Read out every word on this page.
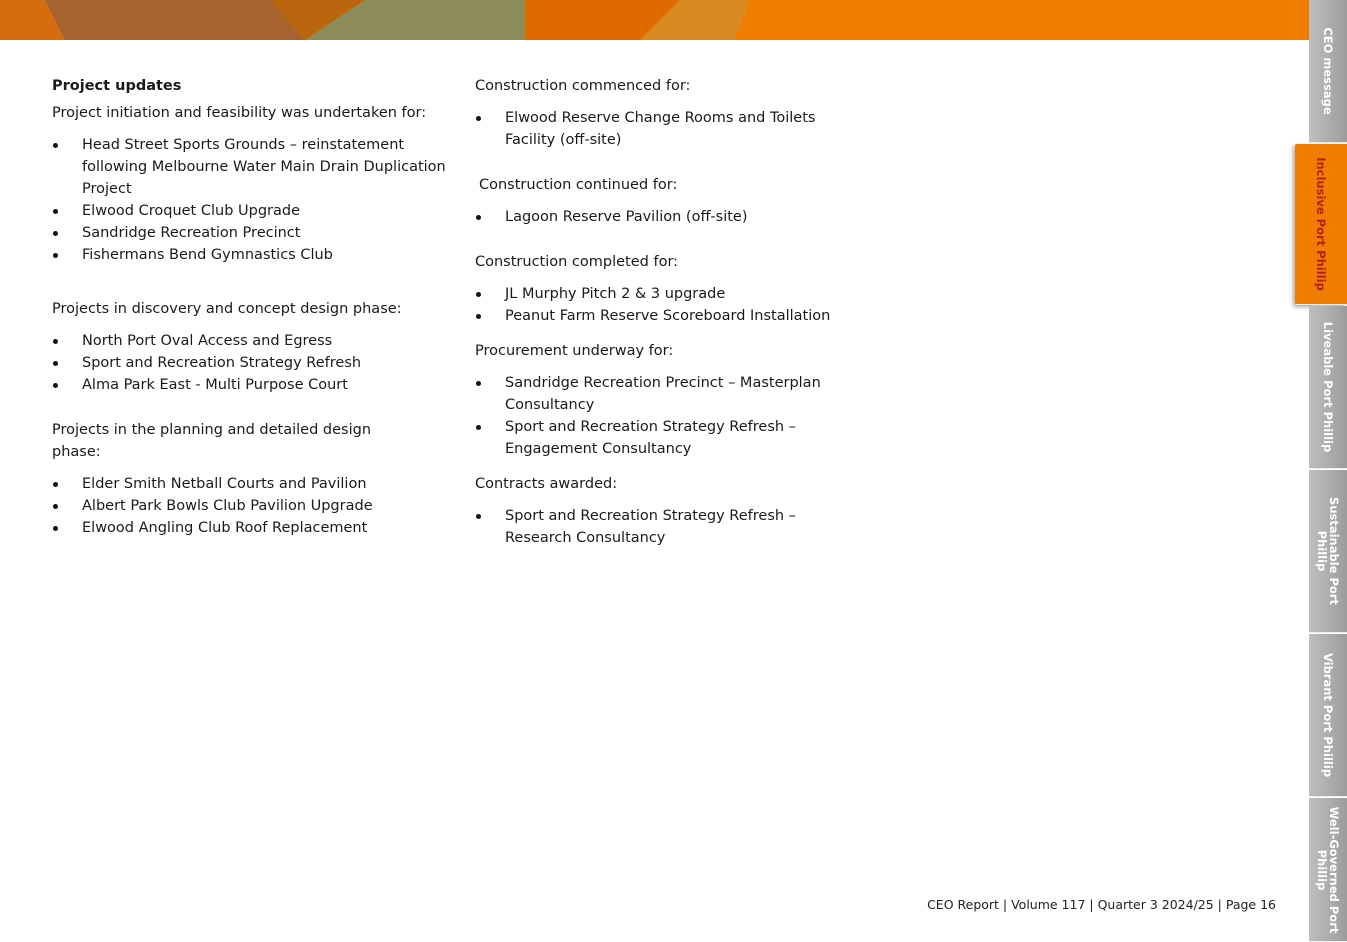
Project updates

Project initiation and feasibility was undertaken for:

Head Street Sports Grounds – reinstatement following Melbourne Water Main Drain Duplication Project
Elwood Croquet Club Upgrade
Sandridge Recreation Precinct
Fishermans Bend Gymnastics Club

Projects in discovery and concept design phase:

North Port Oval Access and Egress
Sport and Recreation Strategy Refresh
Alma Park East - Multi Purpose Court

Projects in the planning and detailed design phase:

Elder Smith Netball Courts and Pavilion
Albert Park Bowls Club Pavilion Upgrade
Elwood Angling Club Roof Replacement

Construction commenced for:

Elwood Reserve Change Rooms and Toilets Facility (off-site)

Construction continued for:

Lagoon Reserve Pavilion (off-site)

Construction completed for:

JL Murphy Pitch 2 & 3 upgrade
Peanut Farm Reserve Scoreboard Installation

Procurement underway for:

Sandridge Recreation Precinct – Masterplan Consultancy
Sport and Recreation Strategy Refresh – Engagement Consultancy

Contracts awarded:

Sport and Recreation Strategy Refresh – Research Consultancy
CEO message
Inclusive Port Phillip
Liveable Port Phillip
Sustainable Port Phillip
Vibrant Port Phillip
Well-Governed Port Phillip
CEO Report | Volume 117 | Quarter 3 2024/25 | Page 16
